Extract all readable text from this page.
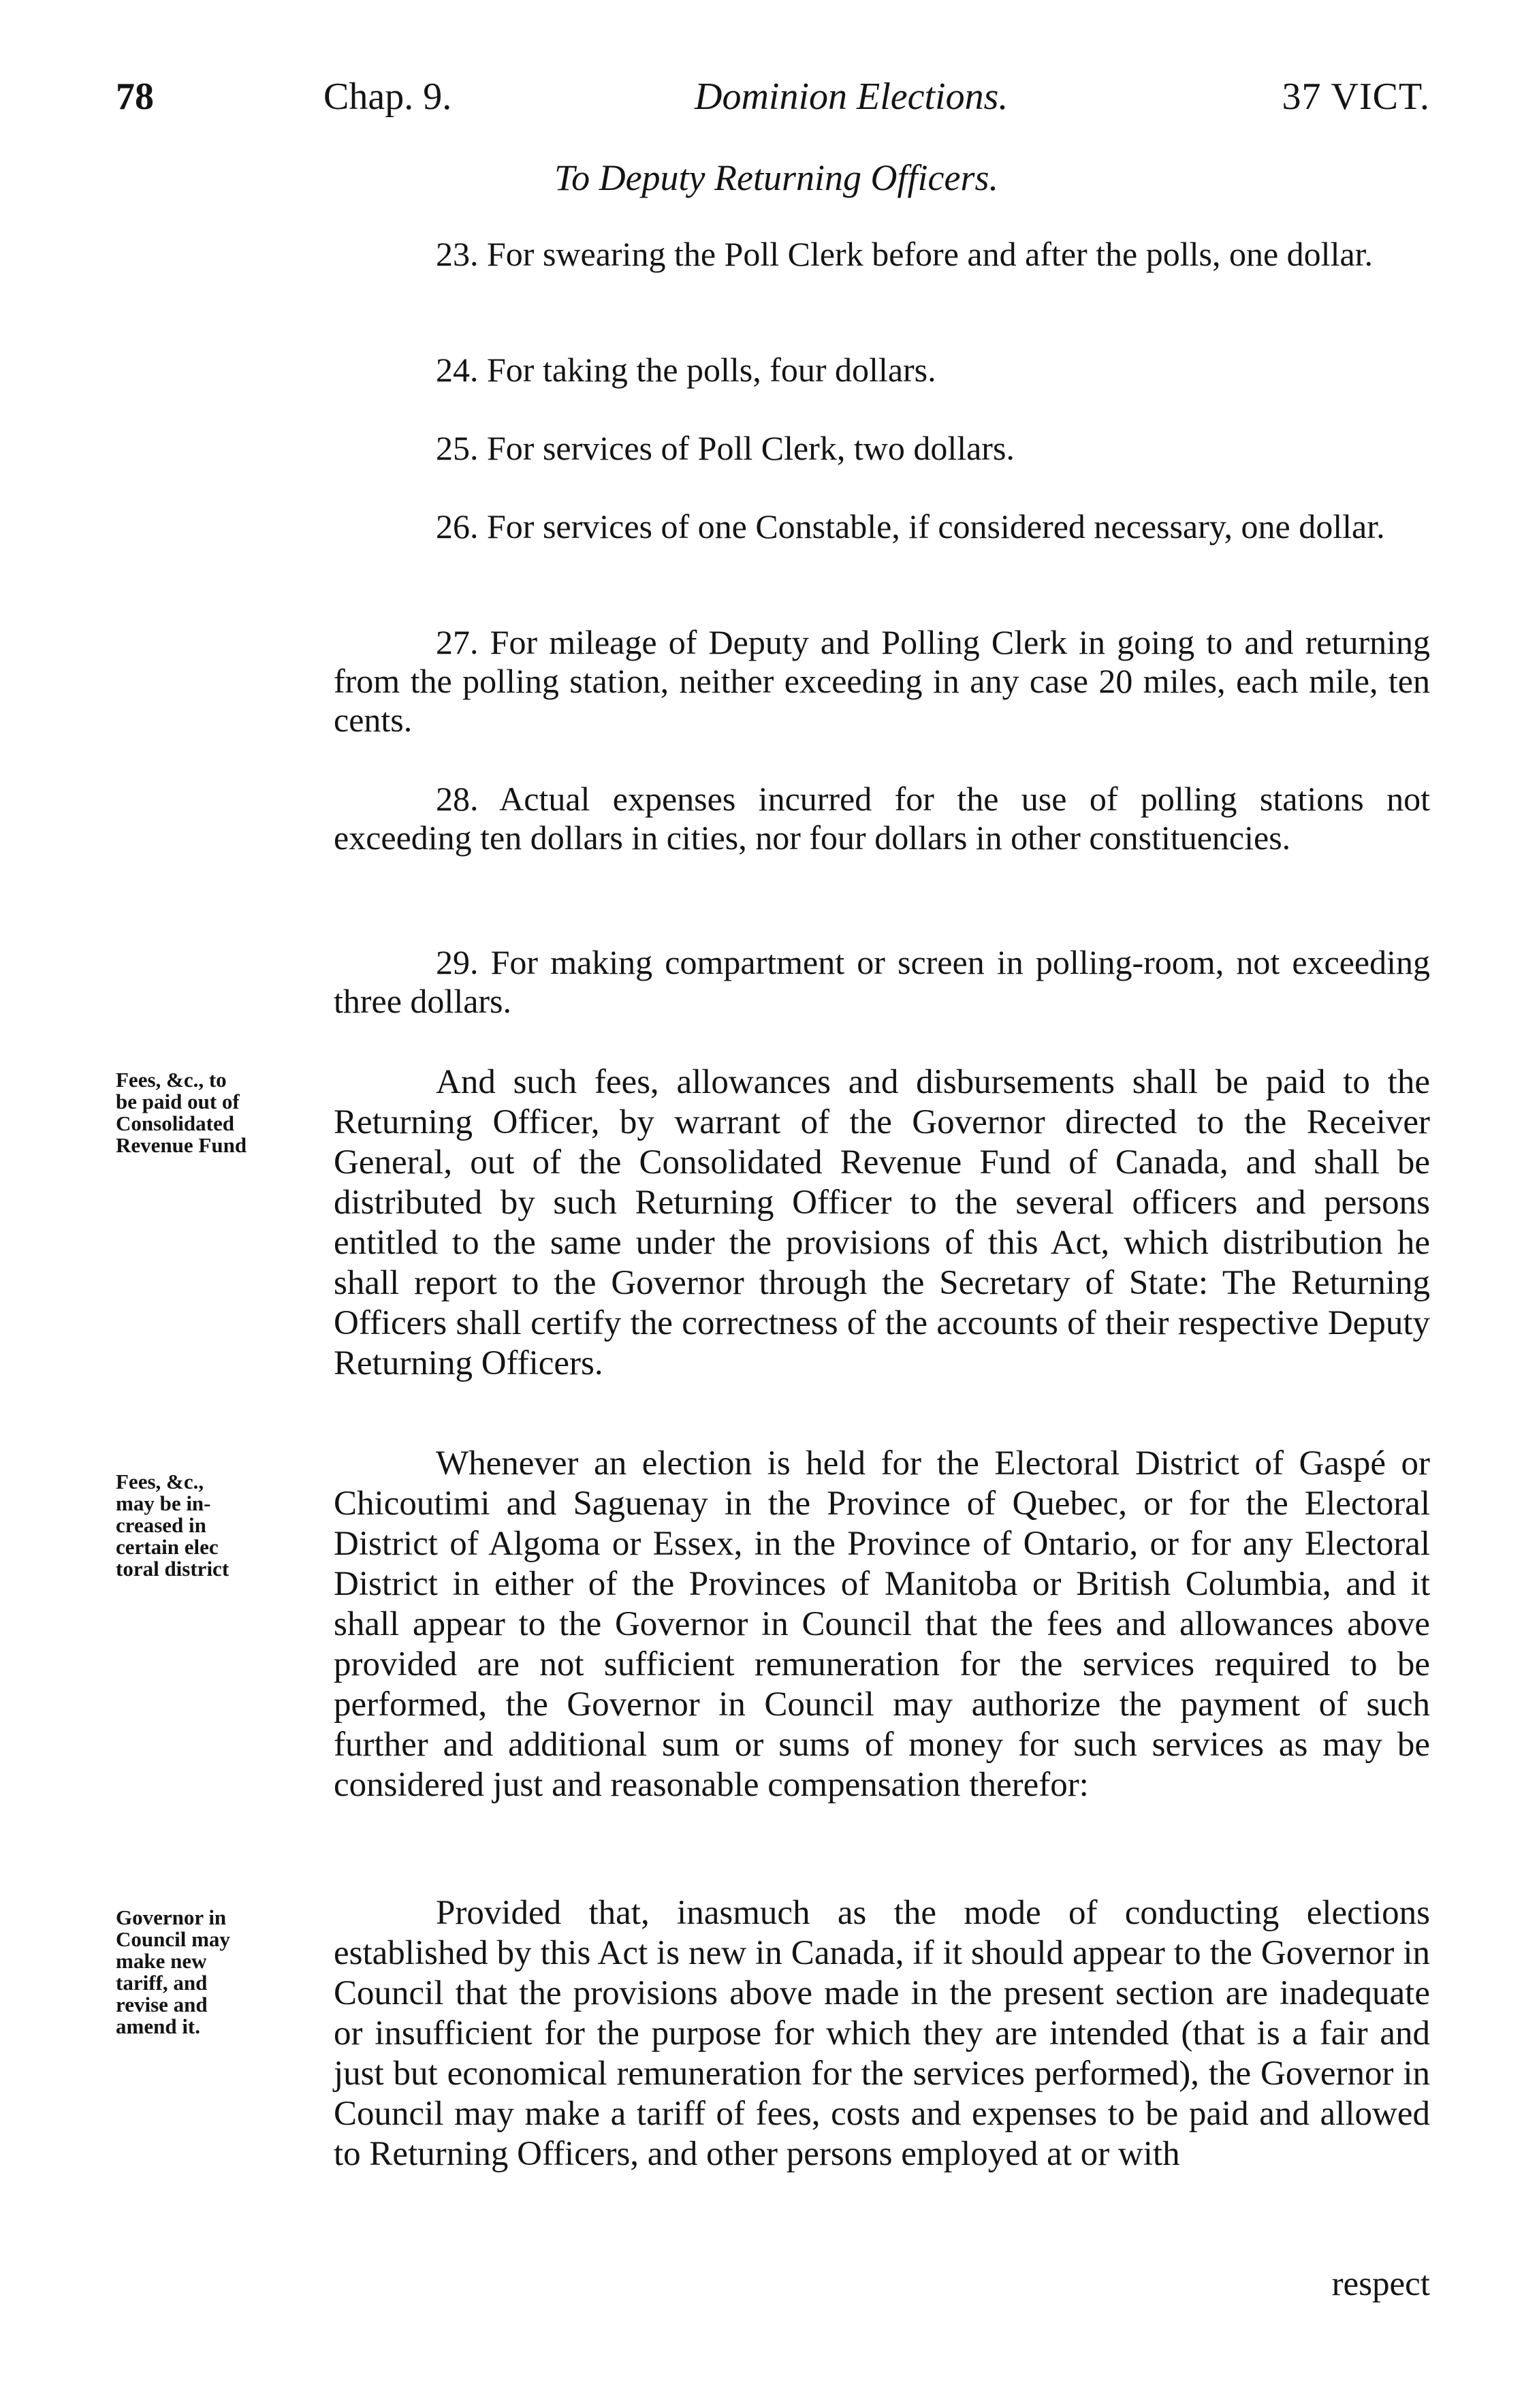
78	Chap. 9.	Dominion Elections.	37 VICT.
To Deputy Returning Officers.

23. For swearing the Poll Clerk before and after the polls, one dollar.

24. For taking the polls, four dollars.

25. For services of Poll Clerk, two dollars.

26. For services of one Constable, if considered necessary, one dollar.

27. For mileage of Deputy and Polling Clerk in going to and returning from the polling station, neither exceeding in any case 20 miles, each mile, ten cents.

28. Actual expenses incurred for the use of polling stations not exceeding ten dollars in cities, nor four dollars in other constituencies.

29. For making compartment or screen in polling-room, not exceeding three dollars.

Fees, &c., to
be paid out of
Consolidated
Revenue Fund

And such fees, allowances and disbursements shall be paid to the Returning Officer, by warrant of the Governor directed to the Receiver General, out of the Consolidated Revenue Fund of Canada, and shall be distributed by such Returning Officer to the several officers and persons entitled to the same under the provisions of this Act, which distribution he shall report to the Governor through the Secretary of State: The Returning Officers shall certify the correctness of the accounts of their respective Deputy Returning Officers.

Fees, &c.,
may be in-
creased in
certain elec
toral district

Whenever an election is held for the Electoral District of Gaspé or Chicoutimi and Saguenay in the Province of Quebec, or for the Electoral District of Algoma or Essex, in the Province of Ontario, or for any Electoral District in either of the Provinces of Manitoba or British Columbia, and it shall appear to the Governor in Council that the fees and allowances above provided are not sufficient remuneration for the services required to be performed, the Governor in Council may authorize the payment of such further and additional sum or sums of money for such services as may be considered just and reasonable compensation therefor:

Governor in
Council may
make new
tariff, and
revise and
amend it.

Provided that, inasmuch as the mode of conducting elections established by this Act is new in Canada, if it should appear to the Governor in Council that the provisions above made in the present section are inadequate or insufficient for the purpose for which they are intended (that is a fair and just but economical remuneration for the services performed), the Governor in Council may make a tariff of fees, costs and expenses to be paid and allowed to Returning Officers, and other persons employed at or with

respect
